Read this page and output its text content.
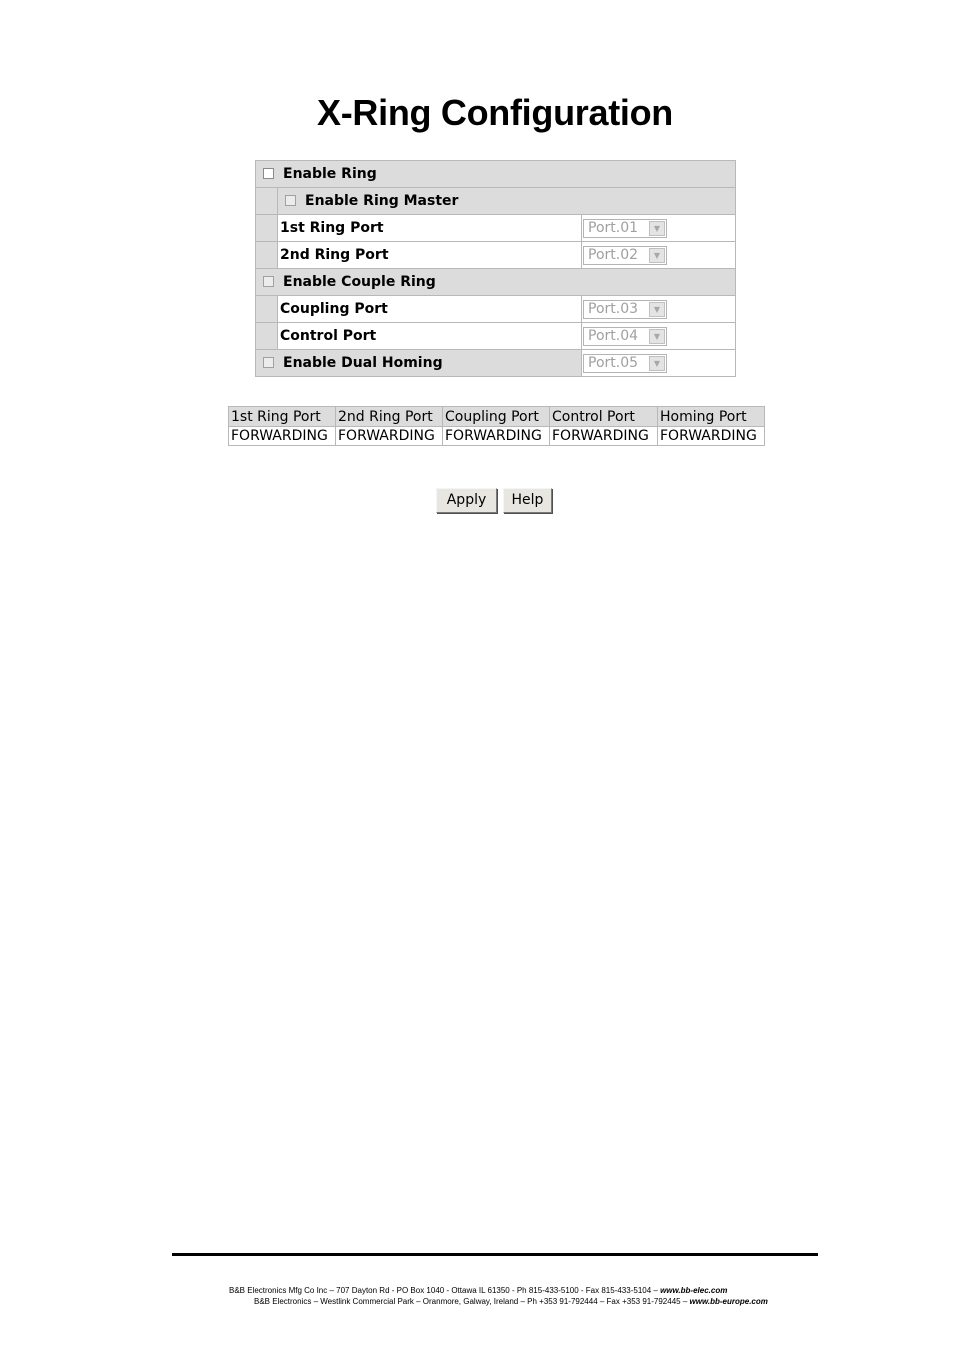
X-Ring Configuration
Enable Ring		
	Enable Ring Master	
	1st Ring Port	Port.01 ▼

	2nd Ring Port	Port.02 ▼

Enable Couple Ring		
	Coupling Port	Port.03 ▼

	Control Port	Port.04 ▼

Enable Dual Homing		Port.05 ▼
1st Ring Port	2nd Ring Port	Coupling Port	Control Port	Homing Port
FORWARDING	FORWARDING	FORWARDING	FORWARDING	FORWARDING
Apply	Help
B&B Electronics Mfg Co Inc – 707 Dayton Rd - PO Box 1040 - Ottawa IL 61350 - Ph 815-433-5100 - Fax 815-433-5104 – www.bb-elec.com
B&B Electronics – Westlink Commercial Park – Oranmore, Galway, Ireland – Ph +353 91-792444 – Fax +353 91-792445 – www.bb-europe.com
